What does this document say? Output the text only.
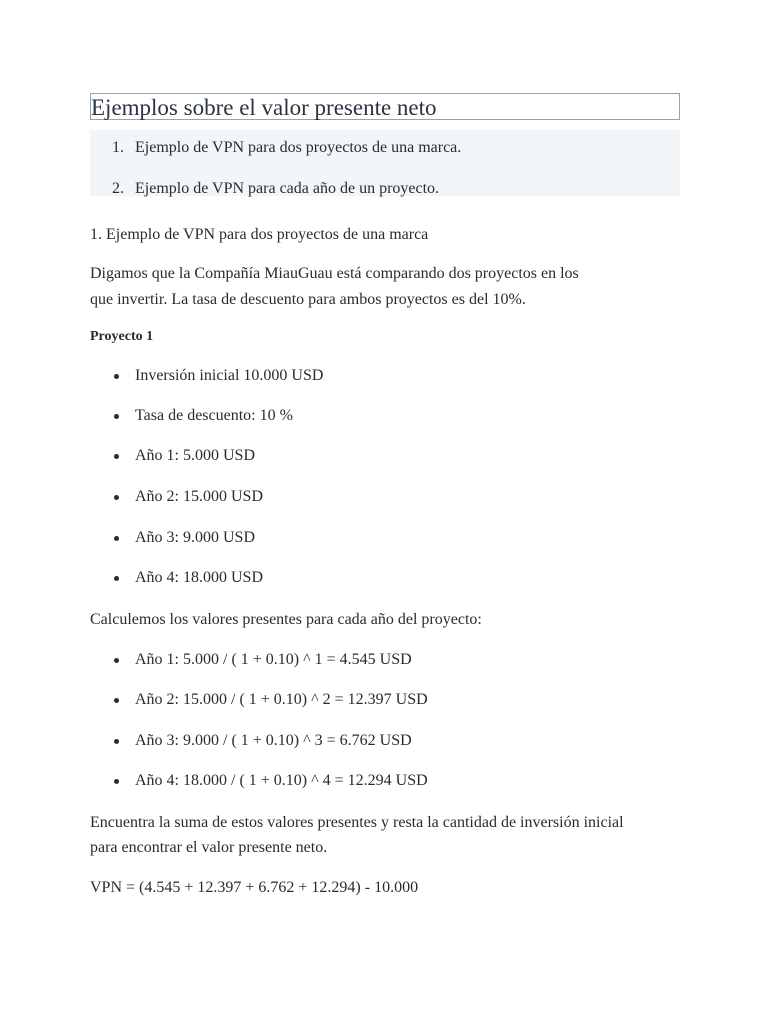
Ejemplos sobre el valor presente neto
1. Ejemplo de VPN para dos proyectos de una marca.
2. Ejemplo de VPN para cada año de un proyecto.
1. Ejemplo de VPN para dos proyectos de una marca
Digamos que la Compañía MiauGuau está comparando dos proyectos en los
que invertir. La tasa de descuento para ambos proyectos es del 10%.
Proyecto 1
Inversión inicial 10.000 USD
Tasa de descuento: 10 %
Año 1: 5.000 USD
Año 2: 15.000 USD
Año 3: 9.000 USD
Año 4: 18.000 USD
Calculemos los valores presentes para cada año del proyecto:
Año 1: 5.000 / ( 1 + 0.10) ^ 1 = 4.545 USD
Año 2: 15.000 / ( 1 + 0.10) ^ 2 = 12.397 USD
Año 3: 9.000 / ( 1 + 0.10) ^ 3 = 6.762 USD
Año 4: 18.000 / ( 1 + 0.10) ^ 4 = 12.294 USD
Encuentra la suma de estos valores presentes y resta la cantidad de inversión inicial
para encontrar el valor presente neto.
VPN = (4.545 + 12.397 + 6.762 + 12.294) - 10.000
